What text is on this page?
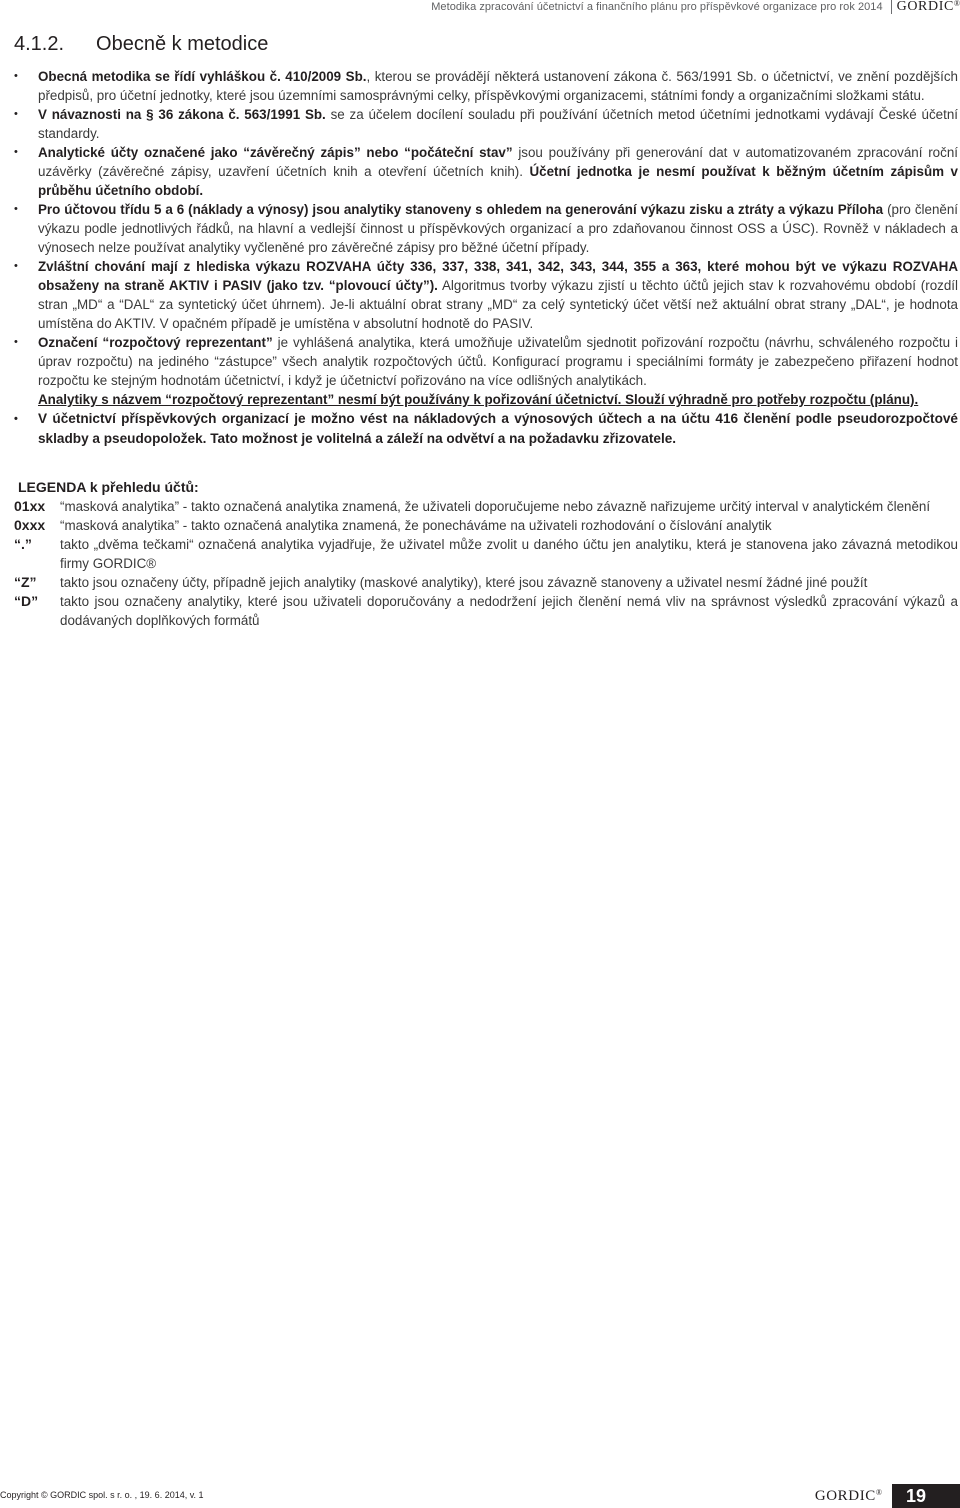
Metodika zpracování účetnictví a finančního plánu pro příspěvkové organizace pro rok 2014	GORDIC®
4.1.2. Obecně k metodice
• Obecná metodika se řídí vyhláškou č. 410/2009 Sb., kterou se provádějí některá ustanovení zákona č. 563/1991 Sb. o účetnictví, ve znění pozdějších předpisů, pro účetní jednotky, které jsou územními samosprávnými celky, příspěvkovými organizacemi, státními fondy a organizačními složkami státu.
• V návaznosti na § 36 zákona č. 563/1991 Sb. se za účelem docílení souladu při používání účetních metod účetními jednotkami vydávají České účetní standardy.
• Analytické účty označené jako “závěrečný zápis” nebo “počáteční stav” jsou používány při generování dat v automatizovaném zpracování roční uzávěrky (závěrečné zápisy, uzavření účetních knih a otevření účetních knih). Účetní jednotka je nesmí používat k běžným účetním zápisům v průběhu účetního období.
• Pro účtovou třídu 5 a 6 (náklady a výnosy) jsou analytiky stanoveny s ohledem na generování výkazu zisku a ztráty a výkazu Příloha (pro členění výkazu podle jednotlivých řádků, na hlavní a vedlejší činnost u příspěvkových organizací a pro zdaňovanou činnost OSS a ÚSC). Rovněž v nákladech a výnosech nelze používat analytiky vyčleněné pro závěrečné zápisy pro běžné účetní případy.
• Zvláštní chování mají z hlediska výkazu ROZVAHA účty 336, 337, 338, 341, 342, 343, 344, 355 a 363, které mohou být ve výkazu ROZVAHA obsaženy na straně AKTIV i PASIV (jako tzv. “plovoucí účty”). Algoritmus tvorby výkazu zjistí u těchto účtů jejich stav k rozvahovému období (rozdíl stran „MD“ a “DAL“ za syntetický účet úhrnem). Je-li aktuální obrat strany „MD“ za celý syntetický účet větší než aktuální obrat strany „DAL“, je hodnota umístěna do AKTIV. V opačném případě je umístěna v absolutní hodnotě do PASIV.
• Označení “rozpočtový reprezentant” je vyhlášená analytika, která umožňuje uživatelům sjednotit pořizování rozpočtu (návrhu, schváleného rozpočtu i úprav rozpočtu) na jediného “zástupce” všech analytik rozpočtových účtů. Konfigurací programu i speciálními formáty je zabezpečeno přiřazení hodnot rozpočtu ke stejným hodnotám účetnictví, i když je účetnictví pořizováno na více odlišných analytikách.

Analytiky s názvem “rozpočtový reprezentant” nesmí být používány k pořizování účetnictví. Slouží výhradně pro potřeby rozpočtu (plánu).

• V účetnictví příspěvkových organizací je možno vést na nákladových a výnosových účtech a na účtu 416 členění podle pseudorozpočtové skladby a pseudopoložek. Tato možnost je volitelná a záleží na odvětví a na požadavku zřizovatele.

LEGENDA k přehledu účtů:

01xx	“masková analytika” - takto označená analytika znamená, že uživateli doporučujeme nebo závazně nařizujeme určitý interval v analytickém členění
0xxx	“masková analytika” - takto označená analytika znamená, že ponecháváme na uživateli rozhodování o číslování analytik
“.”	takto „dvěma tečkami“ označená analytika vyjadřuje, že uživatel může zvolit u daného účtu jen analytiku, která je stanovena jako závazná metodikou firmy GORDIC®
“Z”	takto jsou označeny účty, případně jejich analytiky (maskové analytiky), které jsou závazně stanoveny a uživatel nesmí žádné jiné použít
“D”	takto jsou označeny analytiky, které jsou uživateli doporučovány a nedodržení jejich členění nemá vliv na správnost výsledků zpracování výkazů a dodávaných doplňkových formátů
Copyright © GORDIC spol. s r. o. , 19. 6. 2014, v. 1	GORDIC®	19
